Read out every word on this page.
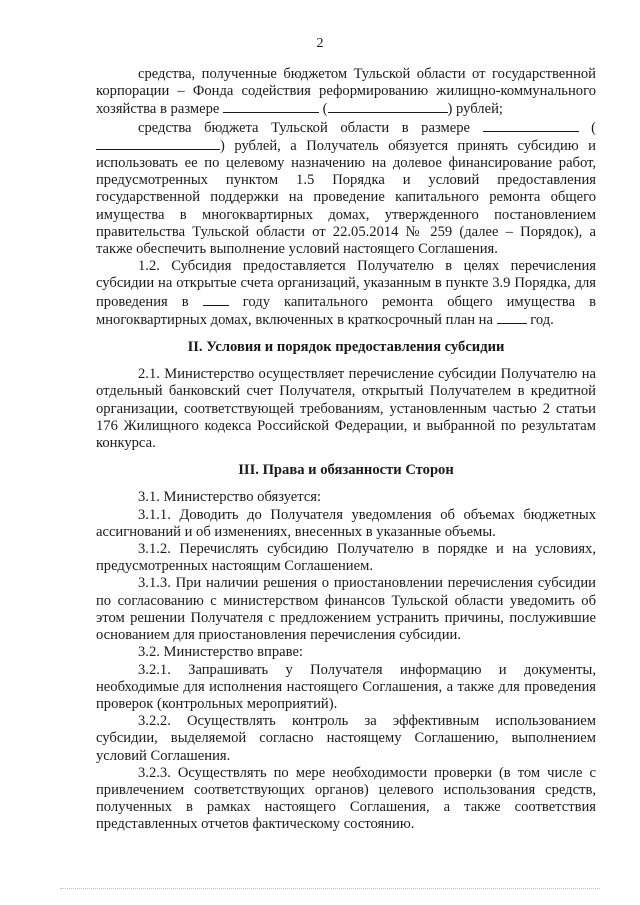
2

средства, полученные бюджетом Тульской области от государственной корпорации – Фонда содействия реформированию жилищно-коммунального хозяйства в размере	(	) рублей;

средства бюджета Тульской области в размере	() рублей, а Получатель обязуется принять субсидию и использовать ее по целевому назначению на долевое финансирование работ, предусмотренных пунктом 1.5 Порядка и условий предоставления государственной поддержки на проведение капитального ремонта общего имущества в многоквартирных домах, утвержденного постановлением правительства Тульской области от 22.05.2014 № 259 (далее – Порядок), а также обеспечить выполнение условий настоящего Соглашения.

1.2. Субсидия предоставляется Получателю в целях перечисления субсидии на открытые счета организаций, указанным в пункте 3.9 Порядка, для проведения в  году капитального ремонта общего имущества в многоквартирных домах, включенных в краткосрочный план на  год.

II. Условия и порядок предоставления субсидии

2.1. Министерство осуществляет перечисление субсидии Получателю на отдельный банковский счет Получателя, открытый Получателем в кредитной организации, соответствующей требованиям, установленным частью 2 статьи 176 Жилищного кодекса Российской Федерации, и выбранной по результатам конкурса.

III. Права и обязанности Сторон

3.1. Министерство обязуется:

3.1.1. Доводить до Получателя уведомления об объемах бюджетных ассигнований и об изменениях, внесенных в указанные объемы.

3.1.2. Перечислять субсидию Получателю в порядке и на условиях, предусмотренных настоящим Соглашением.

3.1.3. При наличии решения о приостановлении перечисления субсидии по согласованию с министерством финансов Тульской области уведомить об этом решении Получателя с предложением устранить причины, послужившие основанием для приостановления перечисления субсидии.

3.2. Министерство вправе:

3.2.1. Запрашивать у Получателя информацию и документы, необходимые для исполнения настоящего Соглашения, а также для проведения проверок (контрольных мероприятий).

3.2.2. Осуществлять контроль за эффективным использованием субсидии, выделяемой согласно настоящему Соглашению, выполнением условий Соглашения.

3.2.3. Осуществлять по мере необходимости проверки (в том числе с привлечением соответствующих органов) целевого использования средств, полученных в рамках настоящего Соглашения, а также соответствия представленных отчетов фактическому состоянию.
